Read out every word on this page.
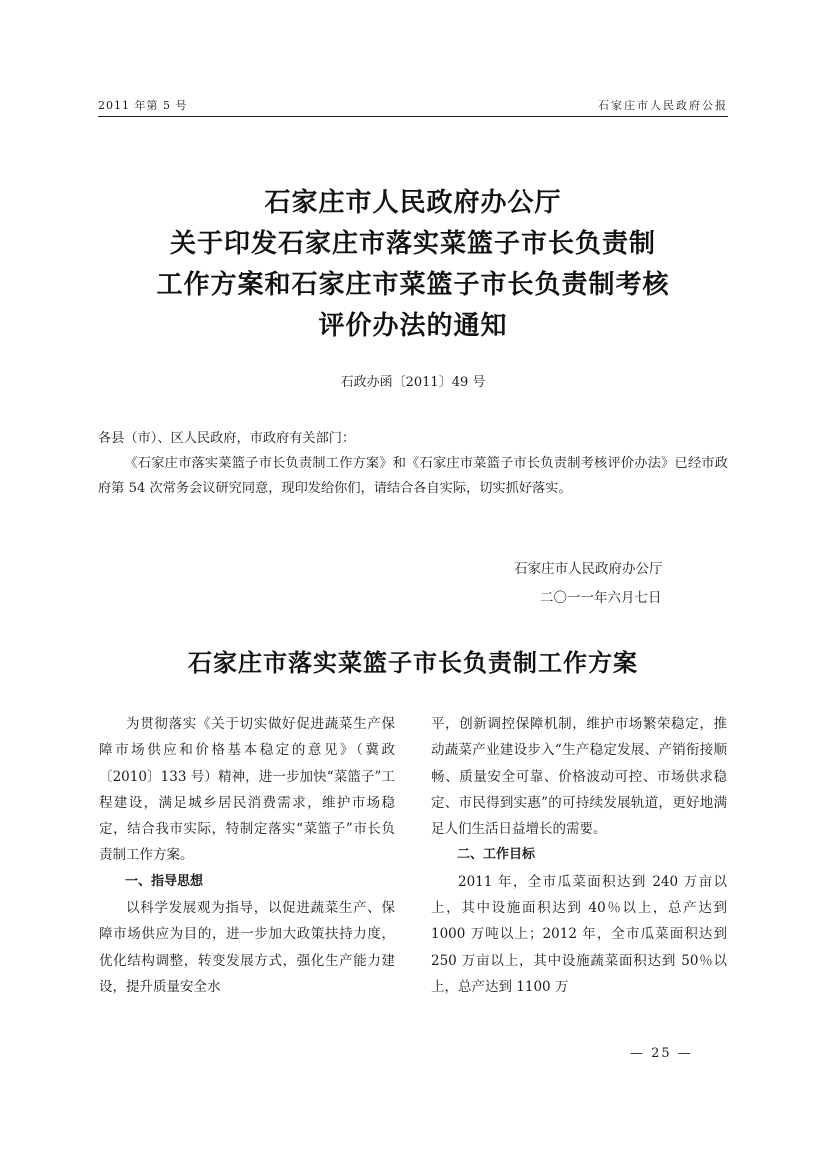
2011 年第 5 号	石家庄市人民政府公报
石家庄市人民政府办公厅
关于印发石家庄市落实菜篮子市长负责制
工作方案和石家庄市菜篮子市长负责制考核
评价办法的通知
石政办函〔2011〕49 号

各县（市）、区人民政府，市政府有关部门：

《石家庄市落实菜篮子市长负责制工作方案》和《石家庄市菜篮子市长负责制考核评价办法》已经市政府第 54 次常务会议研究同意，现印发给你们，请结合各自实际，切实抓好落实。

石家庄市人民政府办公厅
二〇一一年六月七日
石家庄市落实菜篮子市长负责制工作方案

为贯彻落实《关于切实做好促进蔬菜生产保障市场供应和价格基本稳定的意见》（冀政〔2010〕133 号）精神，进一步加快“菜篮子”工程建设，满足城乡居民消费需求，维护市场稳定，结合我市实际，特制定落实“菜篮子”市长负责制工作方案。

一、指导思想

以科学发展观为指导，以促进蔬菜生产、保障市场供应为目的，进一步加大政策扶持力度，优化结构调整，转变发展方式，强化生产能力建设，提升质量安全水

平，创新调控保障机制，维护市场繁荣稳定，推动蔬菜产业建设步入“生产稳定发展、产销衔接顺畅、质量安全可靠、价格波动可控、市场供求稳定、市民得到实惠”的可持续发展轨道，更好地满足人们生活日益增长的需要。

二、工作目标

2011 年，全市瓜菜面积达到 240 万亩以上，其中设施面积达到 40％以上，总产达到 1000 万吨以上；2012 年，全市瓜菜面积达到 250 万亩以上，其中设施蔬菜面积达到 50％以上，总产达到 1100 万

— 25 —
